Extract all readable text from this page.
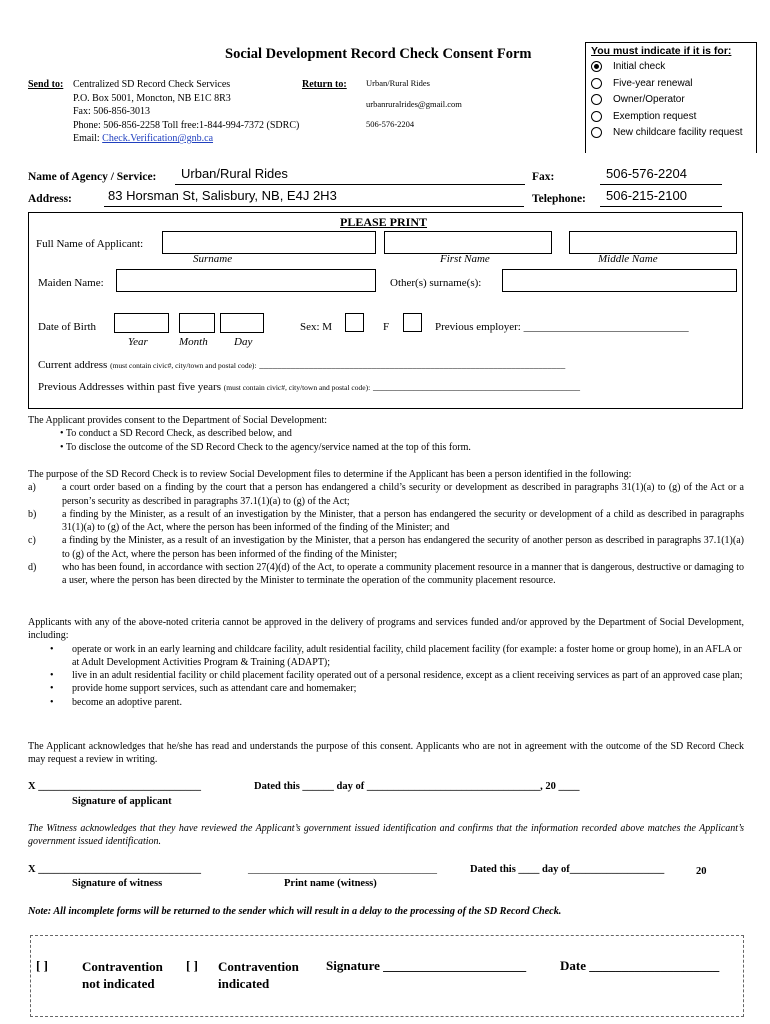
Social Development Record Check Consent Form	You must indicate if it is for:
Initial check
Five-year renewal
Owner/Operator
Exemption request
New childcare facility request
Send to: Centralized SD Record Check Services
P.O. Box 5001, Moncton, NB E1C 8R3
Fax: 506-856-3013
Phone: 506-856-2258 Toll free:1-844-994-7372 (SDRC)
Email: Check.Verification@gnb.ca
Return to: Urban/Rural Rides
urbanruralrides@gmail.com
506-576-2204
Name of Agency / Service: Urban/Rural Rides	Fax:	506-576-2204
Address:	83 Horsman St, Salisbury, NB, E4J 2H3	Telephone: 506-215-2100
PLEASE PRINT
Full Name of Applicant:
Surname	First Name	Middle Name
Maiden Name:	Other(s) surname(s):
Date of Birth
Year	Month Day
Sex: M	F	Previous employer: ______________________________
Current address (must contain civic#, city/town and postal code): ____________________________________________________________________
Previous Addresses within past five years (must contain civic#, city/town and postal code): ______________________________________________
The Applicant provides consent to the Department of Social Development:
• To conduct a SD Record Check, as described below, and
• To disclose the outcome of the SD Record Check to the agency/service named at the top of this form.
The purpose of the SD Record Check is to review Social Development files to determine if the Applicant has been a person identified in the following:
a)	a court order based on a finding by the court that a person has endangered a child’s security or development as described in paragraphs 31(1)(a) to (g) of the Act or a person’s security as described in paragraphs 37.1(1)(a) to (g) of the Act;
b)	a finding by the Minister, as a result of an investigation by the Minister, that a person has endangered the security or development of a child as described in paragraphs 31(1)(a) to (g) of the Act, where the person has been informed of the finding of the Minister; and
c)	a finding by the Minister, as a result of an investigation by the Minister, that a person has endangered the security of another person as described in paragraphs 37.1(1)(a) to (g) of the Act, where the person has been informed of the finding of the Minister;
d)	who has been found, in accordance with section 27(4)(d) of the Act, to operate a community placement resource in a manner that is dangerous, destructive or damaging to a user, where the person has been directed by the Minister to terminate the operation of the community placement resource.
Applicants with any of the above-noted criteria cannot be approved in the delivery of programs and services funded and/or approved by the Department of Social Development, including:
•	operate or work in an early learning and childcare facility, adult residential facility, child placement facility (for example: a foster home or group home), in an AFLA or at Adult Development Activities Program & Training (ADAPT);
•	live in an adult residential facility or child placement facility operated out of a personal residence, except as a client receiving services as part of an approved case plan;
•	provide home support services, such as attendant care and homemaker;
•	become an adoptive parent.
The Applicant acknowledges that he/she has read and understands the purpose of this consent. Applicants who are not in agreement with the outcome of the SD Record Check may request a review in writing.
X _______________________________	Dated this ______ day of _________________________________, 20 ____
Signature of applicant
The Witness acknowledges that they have reviewed the Applicant’s government issued identification and confirms that the information recorded above matches the Applicant’s government issued identification.
X _______________________________	____________________________________	Dated this ____ day of__________________	20
Signature of witness	Print name (witness)
Note: All incomplete forms will be returned to the sender which will result in a delay to the processing of the SD Record Check.
[ ]	Contravention
not indicated
[ ] Contravention
indicated
Signature ______________________	Date ____________________
